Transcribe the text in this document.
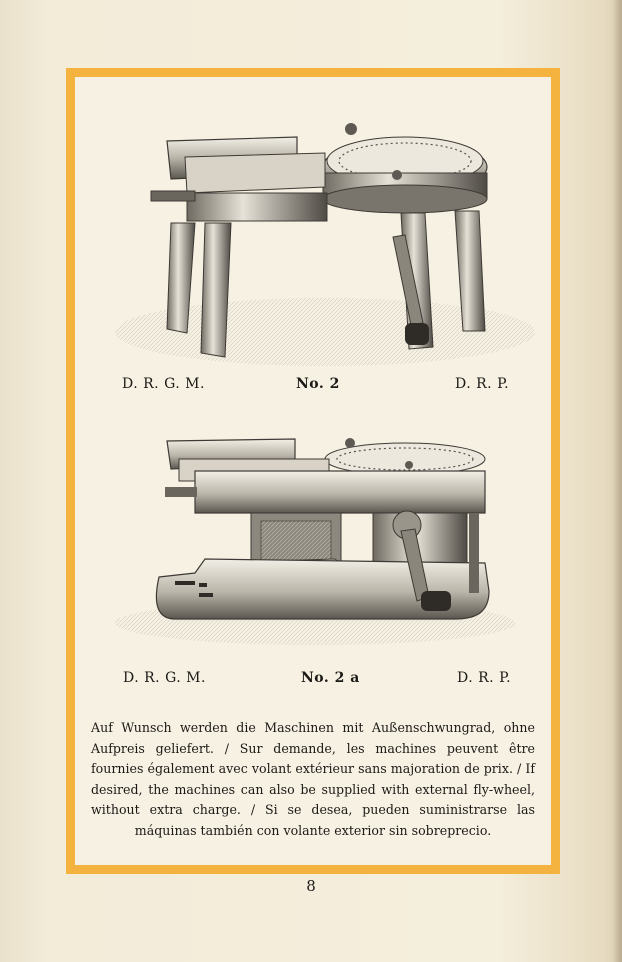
D. R. G. M.	No. 2	D. R. P.
D. R. G. M.	No. 2 a	D. R. P.
Auf Wunsch werden die Maschinen mit Außenschwungrad, ohne Aufpreis geliefert. / Sur demande, les machines peuvent être fournies également avec volant extérieur sans majoration de prix. / If desired, the machines can also be supplied with external fly-wheel, without extra charge. / Si se desea, pueden suministrarse las máquinas también con volante exterior sin sobreprecio.
8
